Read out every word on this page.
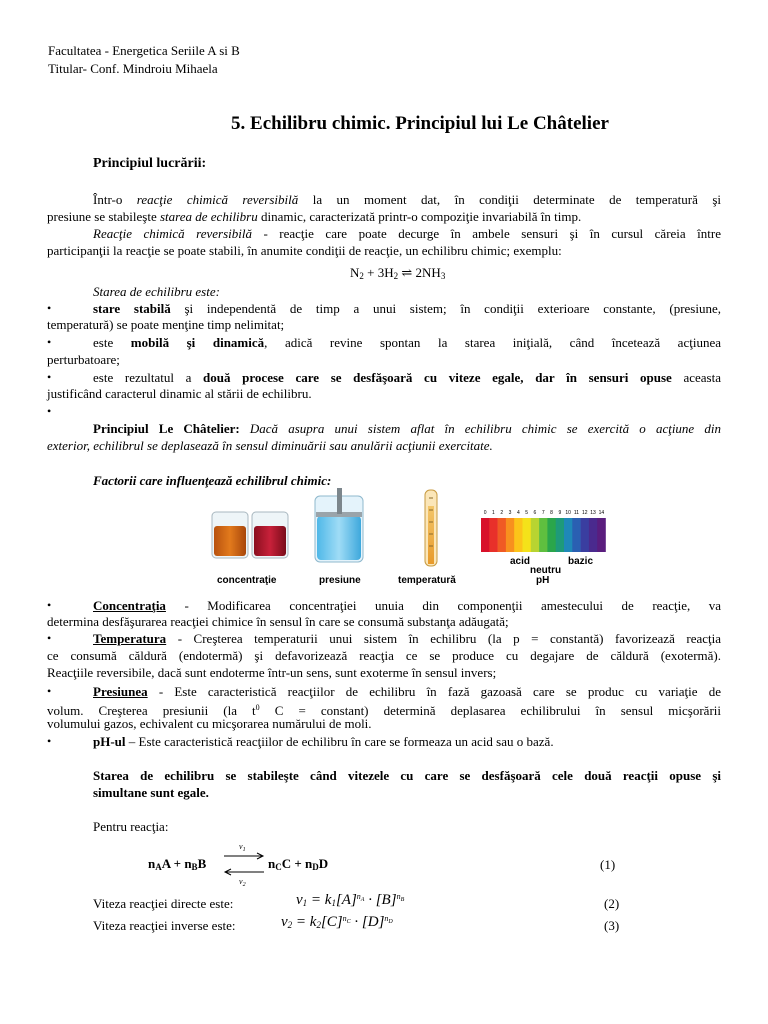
Facultatea - Energetica Seriile A si B
Titular- Conf. Mindroiu Mihaela
5. Echilibru chimic. Principiul lui Le Châtelier
Principiul lucrării:
Într-o reacţie chimică reversibilă la un moment dat, în condiţii determinate de temperatură şi
presiune se stabileşte starea de echilibru dinamic, caracterizată printr-o compoziţie invariabilă în timp.
Reacţie chimică reversibilă - reacţie care poate decurge în ambele sensuri şi în cursul căreia între
participanţii la reacţie se poate stabili, în anumite condiţii de reacţie, un echilibru chimic; exemplu:
$N_2 + 3H_2$ ⇌ $2NH_3$
Starea de echilibru este:
•	stare stabilă şi independentă de timp a unui sistem; în condiţii exterioare constante, (presiune,
temperatură) se poate menţine timp nelimitat;
•	este mobilă şi dinamică, adică revine spontan la starea iniţială, când încetează acţiunea
perturbatoare;
•	este rezultatul a două procese care se desfăşoară cu viteze egale, dar în sensuri opuse aceasta
justificând caracterul dinamic al stării de echilibru.
•
Principiul Le Châtelier: Dacă asupra unui sistem aflat în echilibru chimic se exercită o acţiune din
exterior, echilibrul se deplasează în sensul diminuării sau anulării acţiunii exercitate.
Factorii care influenţează echilibrul chimic:
0 1 2 3 4 5 6 7 8 9 10 11 12 13 14
acid
neutru
bazic
concentraţie	presiune	temperatură	pH
•	Concentraţia - Modificarea concentraţiei unuia din componenţii amestecului de reacţie, va
determina desfăşurarea reacţiei chimice în sensul în care se consumă substanţa adăugată;
•	Temperatura - Creşterea temperaturii unui sistem în echilibru (la p = constantă) favorizează reacţia
ce consumă căldură (endotermă) şi defavorizează reacţia ce se produce cu degajare de căldură (exotermă).
Reacţiile reversibile, dacă sunt endoterme într-un sens, sunt exoterme în sensul invers;
•	Presiunea - Este caracteristică reacţiilor de echilibru în fază gazoasă care se produc cu variaţie de
volum. Creşterea presiunii (la $t^0$ C = constant) determină deplasarea echilibrului în sensul micşorării
volumului gazos, echivalent cu micşorarea numărului de moli.
•	pH-ul – Este caracteristică reacţiilor de echilibru în care se formeaza un acid sau o bază.
Starea de echilibru se stabileşte când vitezele cu care se desfăşoară cele două reacţii opuse şi
simultane sunt egale.
Pentru reacţia:
$n_AA + n_BB$ ⇌
$v_1$
$v_2$
$n_CC + n_DD$	(1)
Viteza reacţiei directe este:	$v_1 = k_1[A]^{n_A} \cdot [B]^{n_B}$	(2)
Viteza reacţiei inverse este:	$v_2 = k_2[C]^{n_C} \cdot [D]^{n_D}$	(3)
